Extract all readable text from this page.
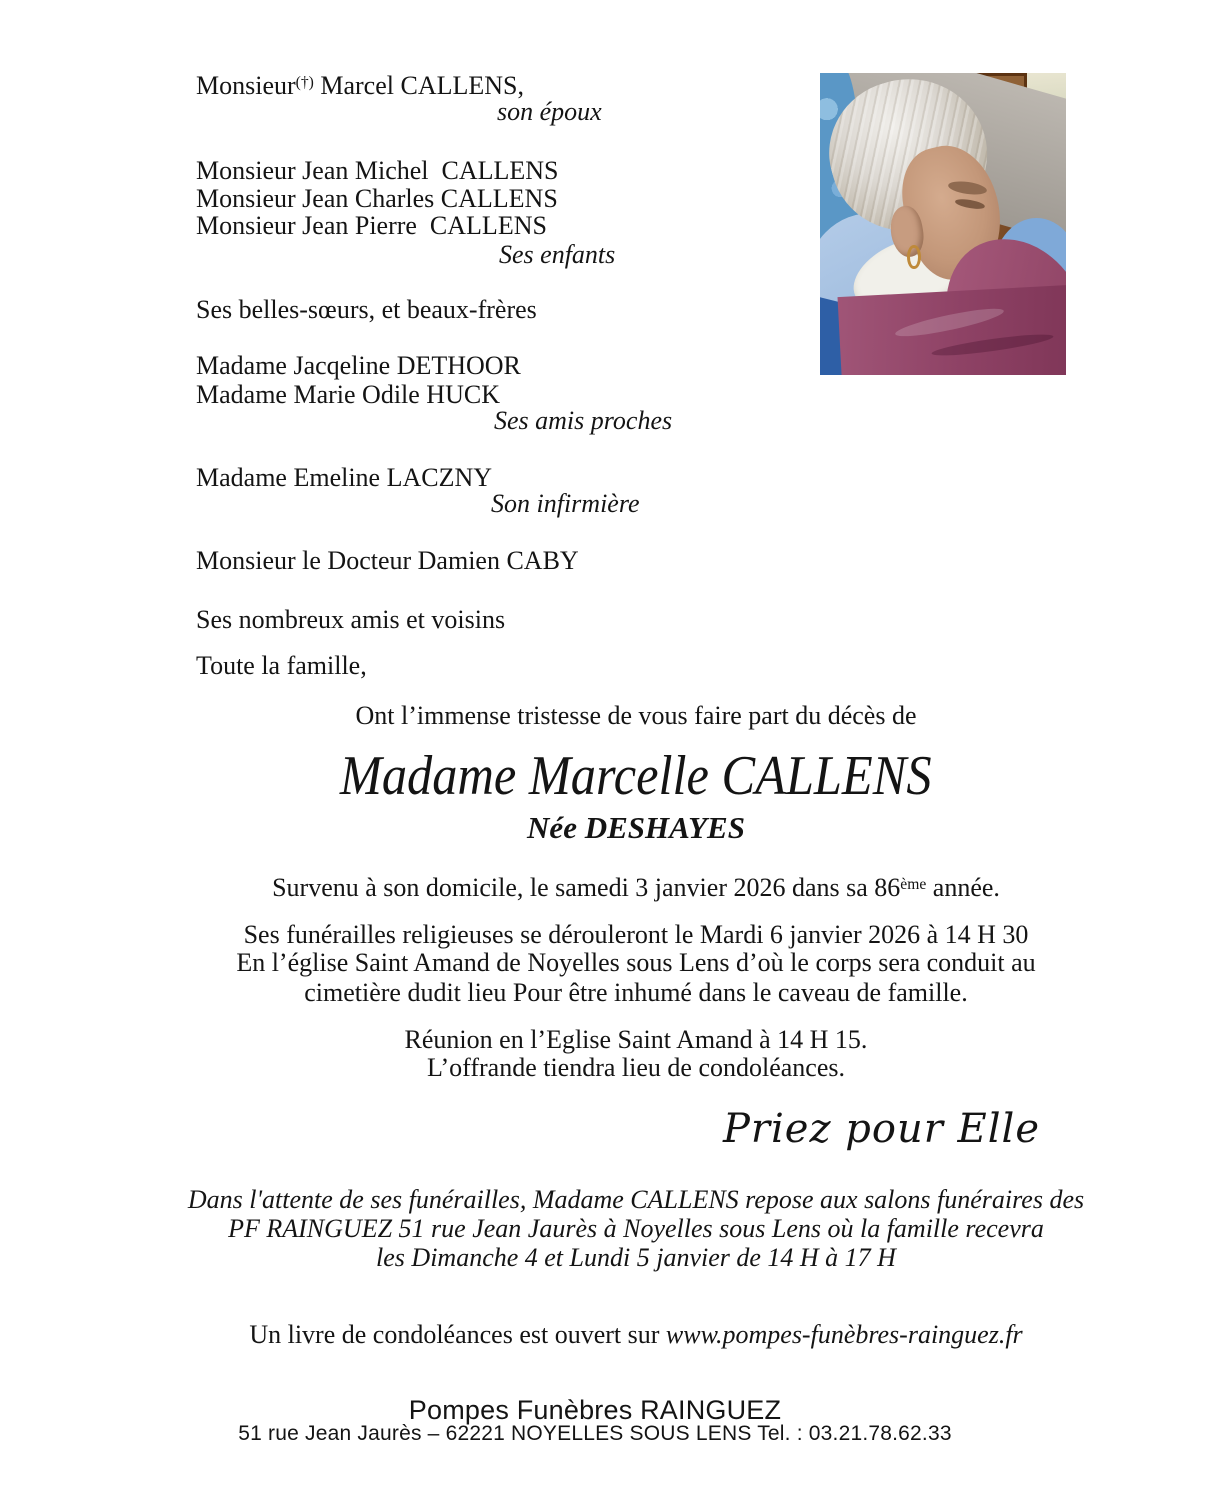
Monsieur(†) Marcel CALLENS,
son époux
Monsieur Jean Michel  CALLENS
Monsieur Jean Charles CALLENS
Monsieur Jean Pierre  CALLENS
Ses enfants
Ses belles-sœurs, et beaux-frères
Madame Jacqeline DETHOOR
Madame Marie Odile HUCK
Ses amis proches
Madame Emeline LACZNY
Son infirmière
Monsieur le Docteur Damien CABY
Ses nombreux amis et voisins
Toute la famille,
Ont l’immense tristesse de vous faire part du décès de
Madame Marcelle CALLENS
Née DESHAYES
Survenu à son domicile, le samedi 3 janvier 2026 dans sa 86ème année.
Ses funérailles religieuses se dérouleront le Mardi 6 janvier 2026 à 14 H 30
En l’église Saint Amand de Noyelles sous Lens d’où le corps sera conduit au
cimetière dudit lieu Pour être inhumé dans le caveau de famille.
Réunion en l’Eglise Saint Amand à 14 H 15.
L’offrande tiendra lieu de condoléances.
Priez pour Elle
Dans l'attente de ses funérailles, Madame CALLENS repose aux salons funéraires des
PF RAINGUEZ 51 rue Jean Jaurès à Noyelles sous Lens où la famille recevra
les Dimanche 4 et Lundi 5 janvier de 14 H à 17 H
Un livre de condoléances est ouvert sur www.pompes-funèbres-rainguez.fr
Pompes Funèbres RAINGUEZ
51 rue Jean Jaurès – 62221 NOYELLES SOUS LENS Tel. : 03.21.78.62.33
